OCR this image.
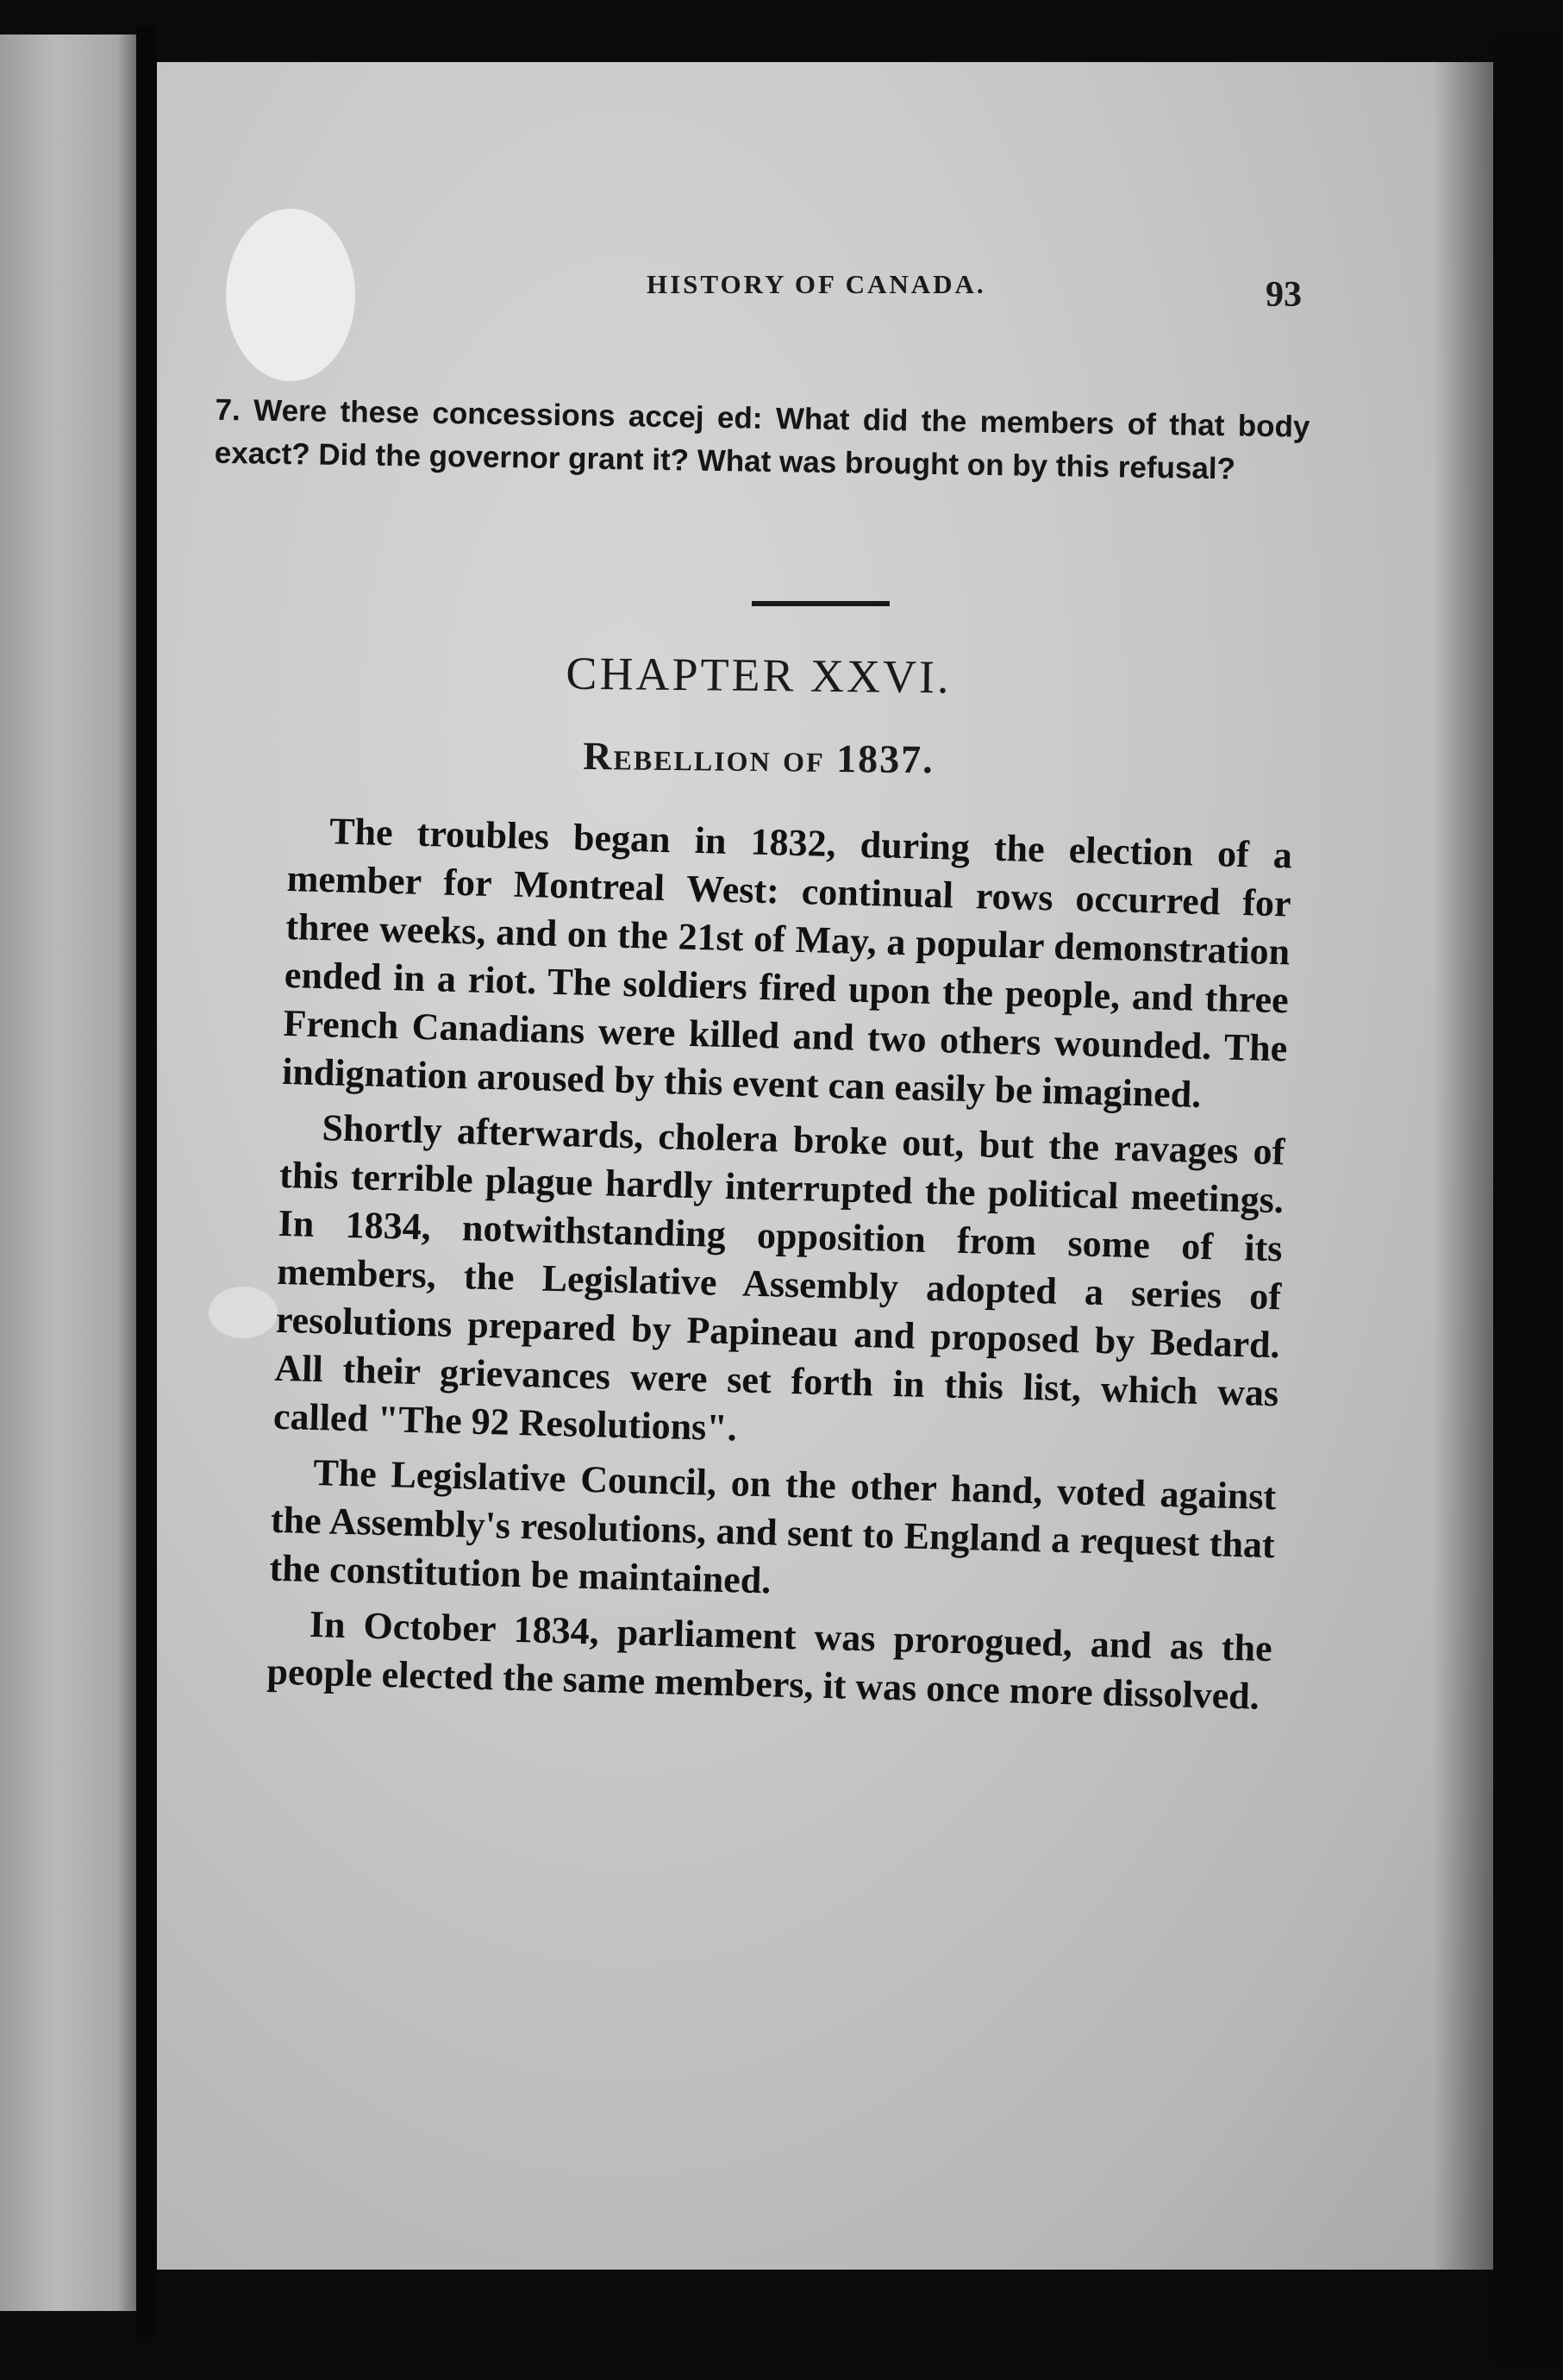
HISTORY OF CANADA.	93
7. Were these concessions accej ed: What did the members of that body exact? Did the governor grant it? What was brought on by this refusal?
CHAPTER XXVI.
Rebellion of 1837.

The troubles began in 1832, during the election of a member for Montreal West: continual rows occurred for three weeks, and on the 21st of May, a popular demonstration ended in a riot. The soldiers fired upon the people, and three French Canadians were killed and two others wounded. The indignation aroused by this event can easily be imagined.

Shortly afterwards, cholera broke out, but the ravages of this terrible plague hardly interrupted the political meetings. In 1834, notwithstanding opposition from some of its members, the Legislative Assembly adopted a series of resolutions prepared by Papineau and proposed by Bedard. All their grievances were set forth in this list, which was called "The 92 Resolutions".

The Legislative Council, on the other hand, voted against the Assembly's resolutions, and sent to England a request that the constitution be maintained.

In October 1834, parliament was prorogued, and as the people elected the same members, it was once more dissolved.
